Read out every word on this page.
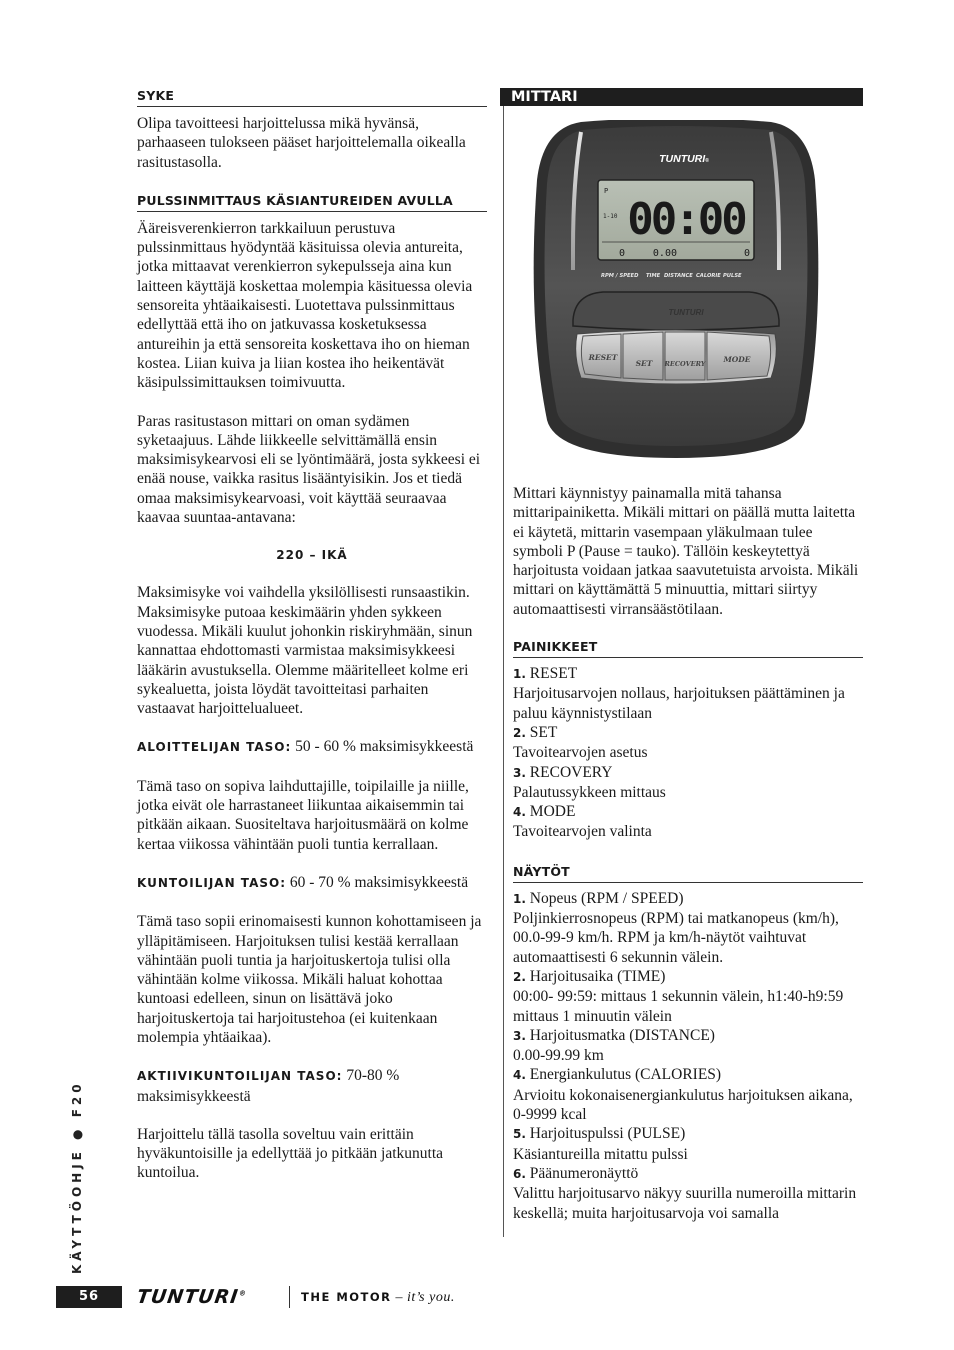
SYKE

Olipa tavoitteesi harjoittelussa mikä hyvänsä, parhaaseen tulokseen pääset harjoittelemalla oikealla rasitustasolla.

PULSSINMITTAUS KÄSIANTUREIDEN AVULLA

Ääreisverenkierron tarkkailuun perustuva pulssinmittaus hyödyntää käsituissa olevia antureita, jotka mittaavat verenkierron sykepulsseja aina kun laitteen käyttäjä koskettaa molempia käsituessa olevia sensoreita yhtäaikaisesti. Luotettava pulssinmittaus edellyttää että iho on jatkuvassa kosketuksessa antureihin ja että sensoreita koskettava iho on hieman kostea. Liian kuiva ja liian kostea iho heikentävät käsipulssimittauksen toimivuutta.

Paras rasitustason mittari on oman sydämen syketaajuus. Lähde liikkeelle selvittämällä ensin maksimisykearvosi eli se lyöntimäärä, josta sykkeesi ei enää nouse, vaikka rasitus lisääntyisikin. Jos et tiedä omaa maksimisykearvoasi, voit käyttää seuraavaa kaavaa suuntaa-antavana:

220 – IKÄ

Maksimisyke voi vaihdella yksilöllisesti runsaastikin. Maksimisyke putoaa keskimäärin yhden sykkeen vuodessa. Mikäli kuulut johonkin riskiryhmään, sinun kannattaa ehdottomasti varmistaa maksimisykkeesi lääkärin avustuksella. Olemme määritelleet kolme eri sykealuetta, joista löydät tavoitteitasi parhaiten vastaavat harjoittelualueet.

ALOITTELIJAN TASO: 50 - 60 % maksimisykkeestä

Tämä taso on sopiva laihduttajille, toipilaille ja niille, jotka eivät ole harrastaneet liikuntaa aikaisemmin tai pitkään aikaan. Suositeltava harjoitusmäärä on kolme kertaa viikossa vähintään puoli tuntia kerrallaan.

KUNTOILIJAN TASO: 60 - 70 % maksimisykkeestä

Tämä taso sopii erinomaisesti kunnon kohottamiseen ja ylläpitämiseen. Harjoituksen tulisi kestää kerrallaan vähintään puoli tuntia ja harjoituskertoja tulisi olla vähintään kolme viikossa. Mikäli haluat kohottaa kuntoasi edelleen, sinun on lisättävä joko harjoituskertoja tai harjoitustehoa (ei kuitenkaan molempia yhtäaikaa).

AKTIIVIKUNTOILIJAN TASO: 70-80 % maksimisykkeestä

Harjoittelu tällä tasolla soveltuu vain erittäin hyväkuntoisille ja edellyttää jo pitkään jatkunutta kuntoilua.

MITTARI
TUNTURI®
P
1-10 00:00
0	0.00	0
RPM / SPEED TIME DISTANCE CALORIE PULSE
TUNTURI
RESET
SET RECOVERY MODE

Mittari käynnistyy painamalla mitä tahansa mittaripainiketta. Mikäli mittari on päällä mutta laitetta ei käytetä, mittarin vasempaan yläkulmaan tulee symboli P (Pause = tauko). Tällöin keskeytettyä harjoitusta voidaan jatkaa saavutetuista arvoista. Mikäli mittari on käyttämättä 5 minuuttia, mittari siirtyy automaattisesti virransäästötilaan.

PAINIKKEET

1. RESET

Harjoitusarvojen nollaus, harjoituksen päättäminen ja paluu käynnistystilaan

2. SET

Tavoitearvojen asetus

3. RECOVERY

Palautussykkeen mittaus

4. MODE

Tavoitearvojen valinta

NÄYTÖT

1. Nopeus (RPM / SPEED)

Poljinkierrosnopeus (RPM) tai matkanopeus (km/h), 00.0-99-9 km/h. RPM ja km/h-näytöt vaihtuvat automaattisesti 6 sekunnin välein.

2. Harjoitusaika (TIME)

00:00- 99:59: mittaus 1 sekunnin välein, h1:40-h9:59 mittaus 1 minuutin välein

3. Harjoitusmatka (DISTANCE)

0.00-99.99 km

4. Energiankulutus (CALORIES)

Arvioitu kokonaisenergiankulutus harjoituksen aikana, 0-9999 kcal

5. Harjoituspulssi (PULSE)

Käsiantureilla mitattu pulssi

6. Päänumeronäyttö

Valittu harjoitusarvo näkyy suurilla numeroilla mittarin keskellä; muita harjoitusarvoja voi samalla

KÄYTTÖOHJE ● F20
56	TUNTURI®	THE MOTOR – it’s you.
